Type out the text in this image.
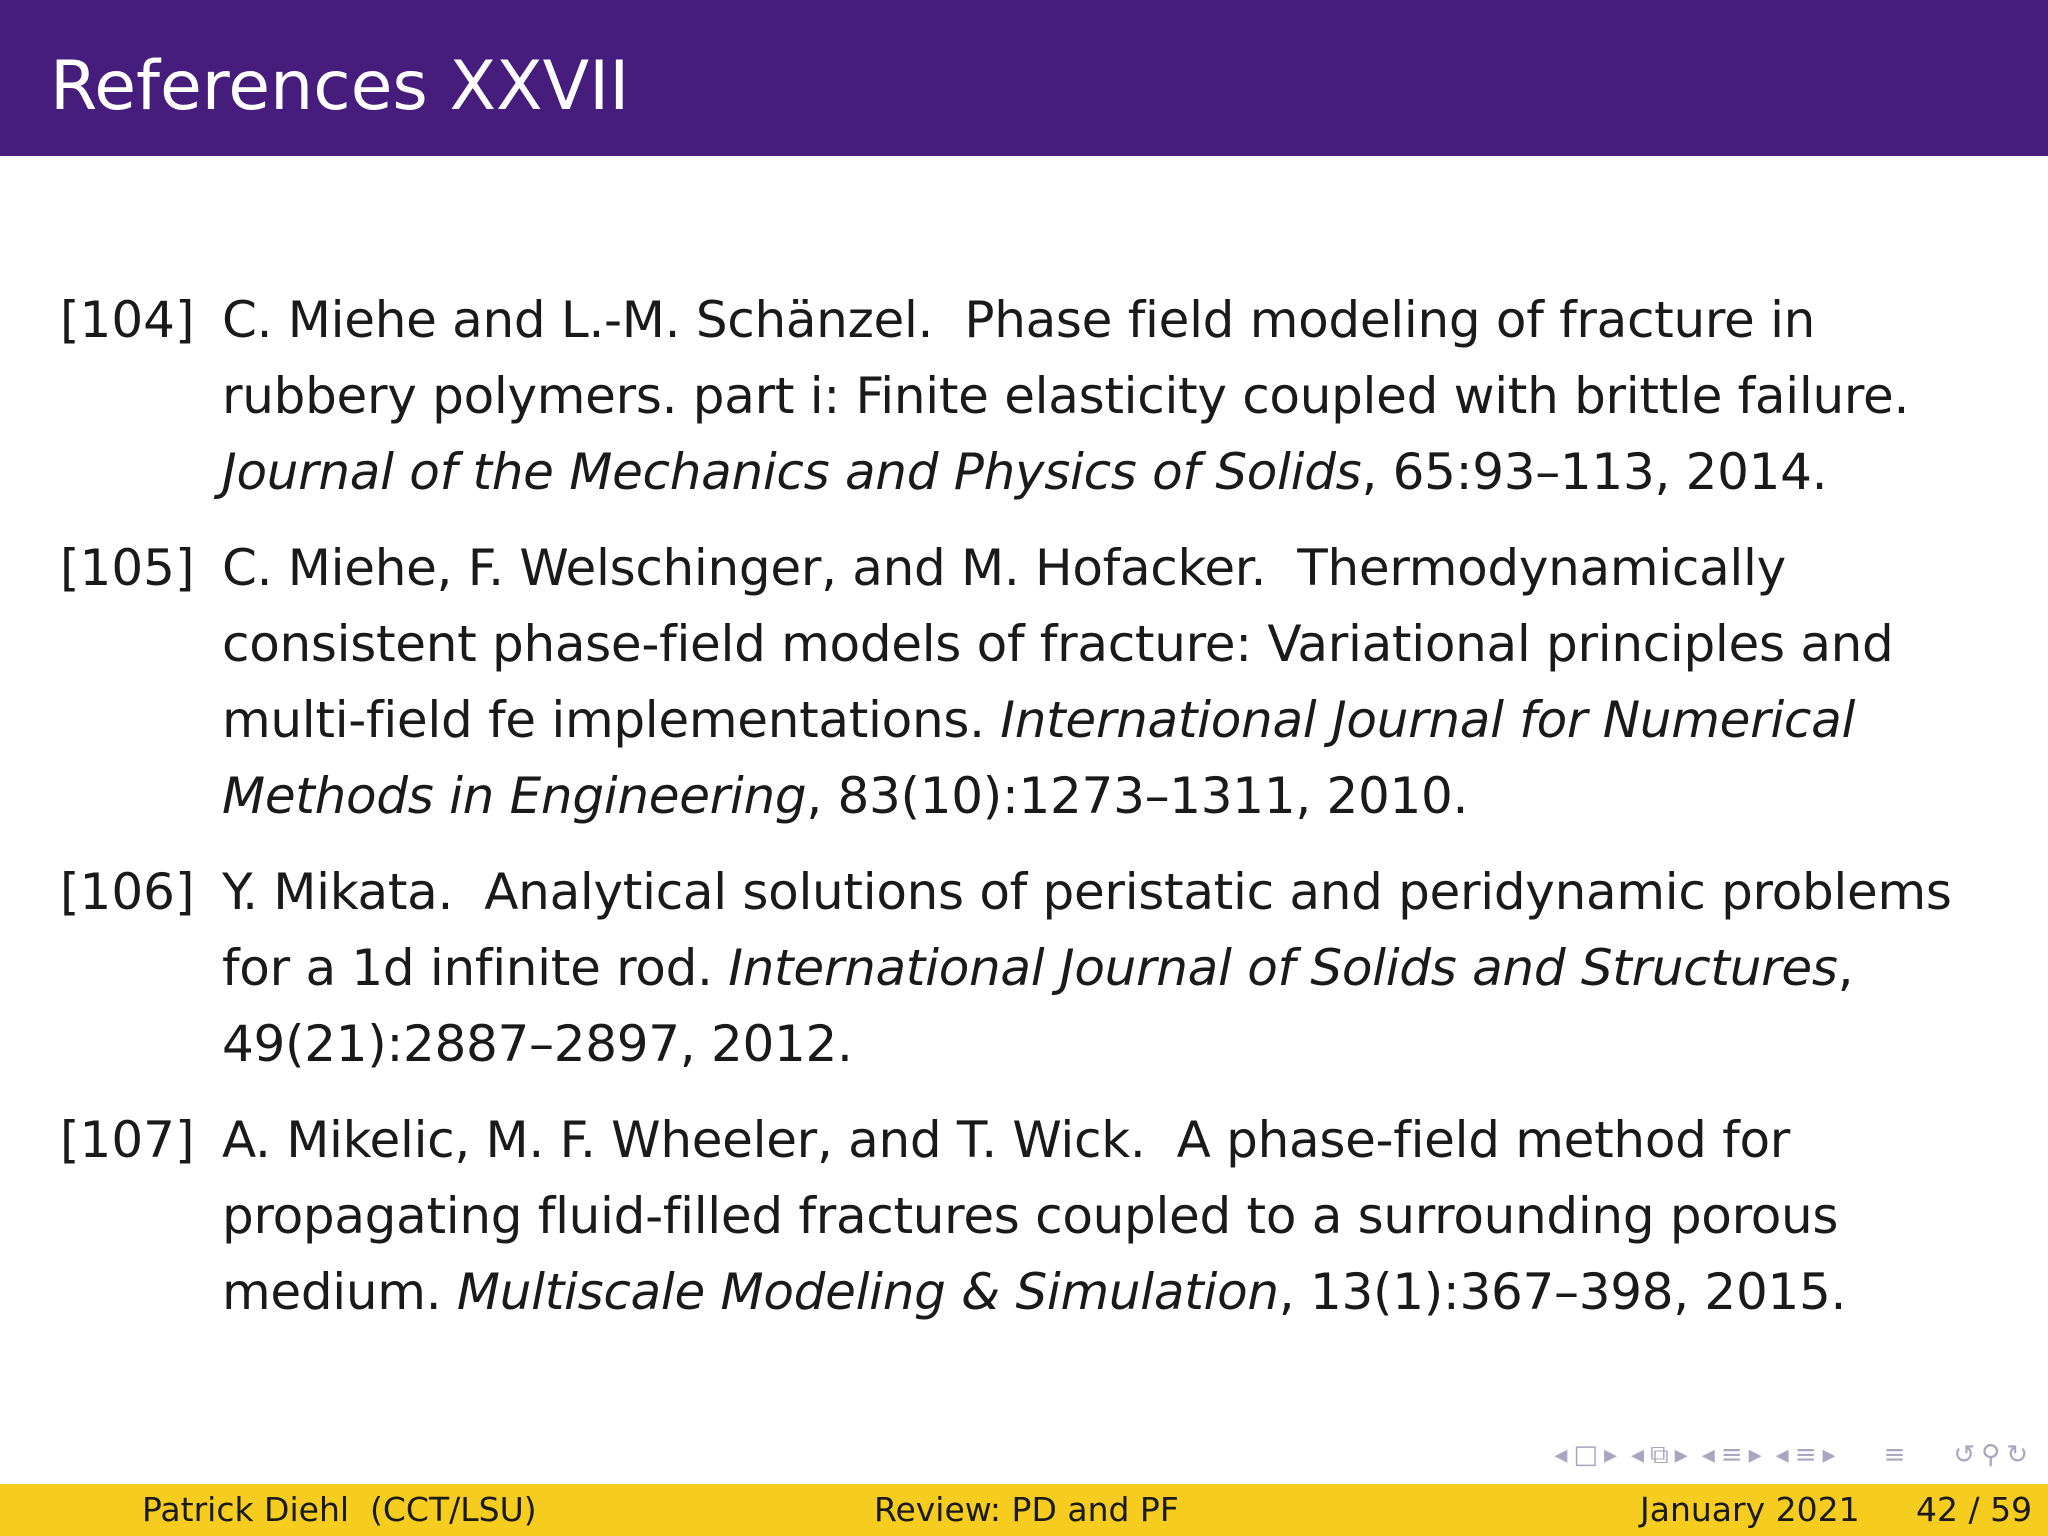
References XXVII
[104] C. Miehe and L.-M. Schänzel. Phase field modeling of fracture in rubbery polymers. part i: Finite elasticity coupled with brittle failure. Journal of the Mechanics and Physics of Solids, 65:93–113, 2014.
[105] C. Miehe, F. Welschinger, and M. Hofacker. Thermodynamically consistent phase-field models of fracture: Variational principles and multi-field fe implementations. International Journal for Numerical Methods in Engineering, 83(10):1273–1311, 2010.
[106] Y. Mikata. Analytical solutions of peristatic and peridynamic problems for a 1d infinite rod. International Journal of Solids and Structures, 49(21):2887–2897, 2012.
[107] A. Mikelic, M. F. Wheeler, and T. Wick. A phase-field method for propagating fluid-filled fractures coupled to a surrounding porous medium. Multiscale Modeling & Simulation, 13(1):367–398, 2015.
◂ □ ▸ ◂ ⧉ ▸ ◂ ≡ ▸ ◂ ≡ ▸ ≡ ↺ ⚲ ↻
Patrick Diehl  (CCT/LSU)	Review: PD and PF	January 2021 42 / 59
